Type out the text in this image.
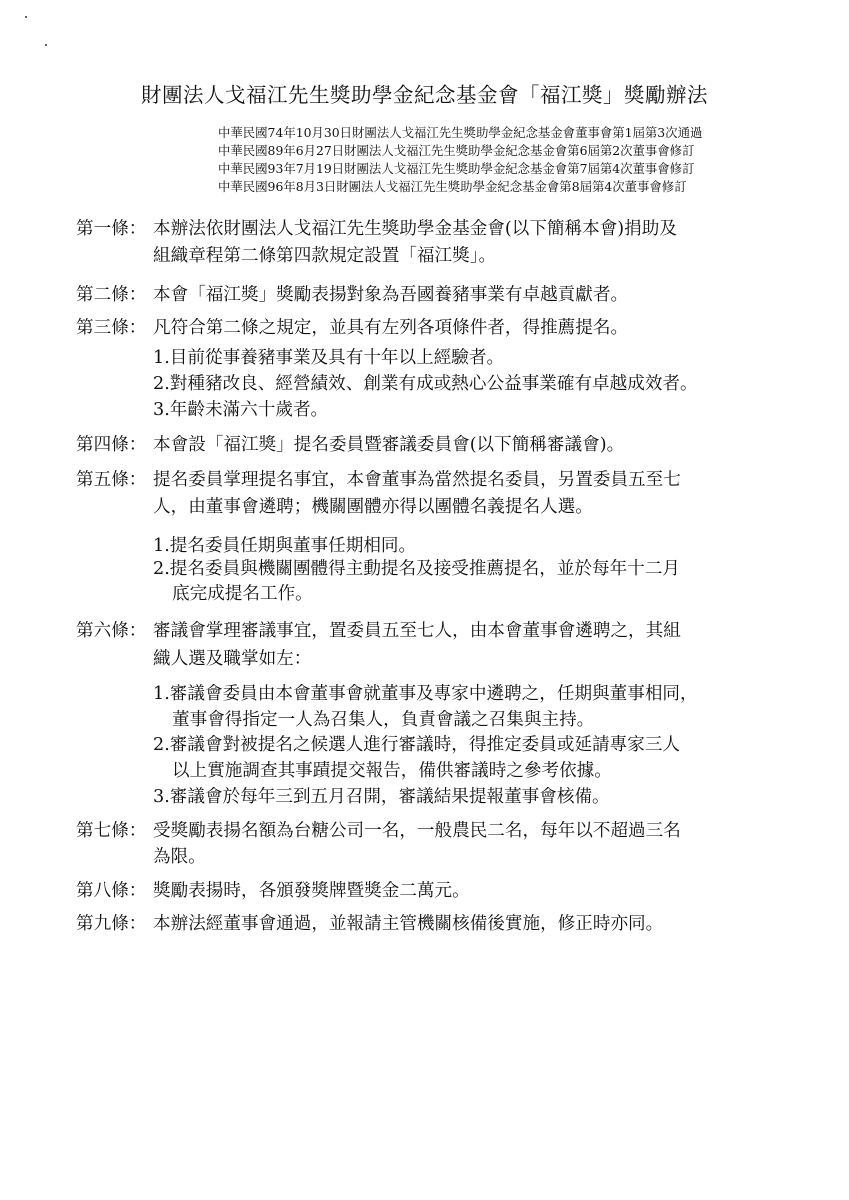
財團法人戈福江先生獎助學金紀念基金會「福江獎」獎勵辦法
中華民國74年10月30日財團法人戈福江先生獎助學金紀念基金會董事會第1屆第3次通過
中華民國89年6月27日財團法人戈福江先生獎助學金紀念基金會第6屆第2次董事會修訂
中華民國93年7月19日財團法人戈福江先生獎助學金紀念基金會第7屆第4次董事會修訂
中華民國96年8月3日財團法人戈福江先生獎助學金紀念基金會第8屆第4次董事會修訂
第一條： 本辦法依財團法人戈福江先生獎助學金基金會(以下簡稱本會)捐助及
組織章程第二條第四款規定設置「福江獎」。
第二條： 本會「福江獎」獎勵表揚對象為吾國養豬事業有卓越貢獻者。
第三條： 凡符合第二條之規定，並具有左列各項條件者，得推薦提名。
1.目前從事養豬事業及具有十年以上經驗者。
2.對種豬改良、經營績效、創業有成或熱心公益事業確有卓越成效者。
3.年齡未滿六十歲者。
第四條： 本會設「福江獎」提名委員暨審議委員會(以下簡稱審議會)。
第五條： 提名委員掌理提名事宜，本會董事為當然提名委員，另置委員五至七
人，由董事會遴聘；機關團體亦得以團體名義提名人選。
1.提名委員任期與董事任期相同。
2.提名委員與機關團體得主動提名及接受推薦提名，並於每年十二月
底完成提名工作。
第六條： 審議會掌理審議事宜，置委員五至七人，由本會董事會遴聘之，其組
織人選及職掌如左：
1.審議會委員由本會董事會就董事及專家中遴聘之，任期與董事相同，
董事會得指定一人為召集人，負責會議之召集與主持。
2.審議會對被提名之候選人進行審議時，得推定委員或延請專家三人
以上實施調查其事蹟提交報告，備供審議時之參考依據。
3.審議會於每年三到五月召開，審議結果提報董事會核備。
第七條： 受獎勵表揚名額為台糖公司一名，一般農民二名，每年以不超過三名
為限。
第八條： 獎勵表揚時，各頒發獎牌暨獎金二萬元。
第九條： 本辦法經董事會通過，並報請主管機關核備後實施，修正時亦同。
